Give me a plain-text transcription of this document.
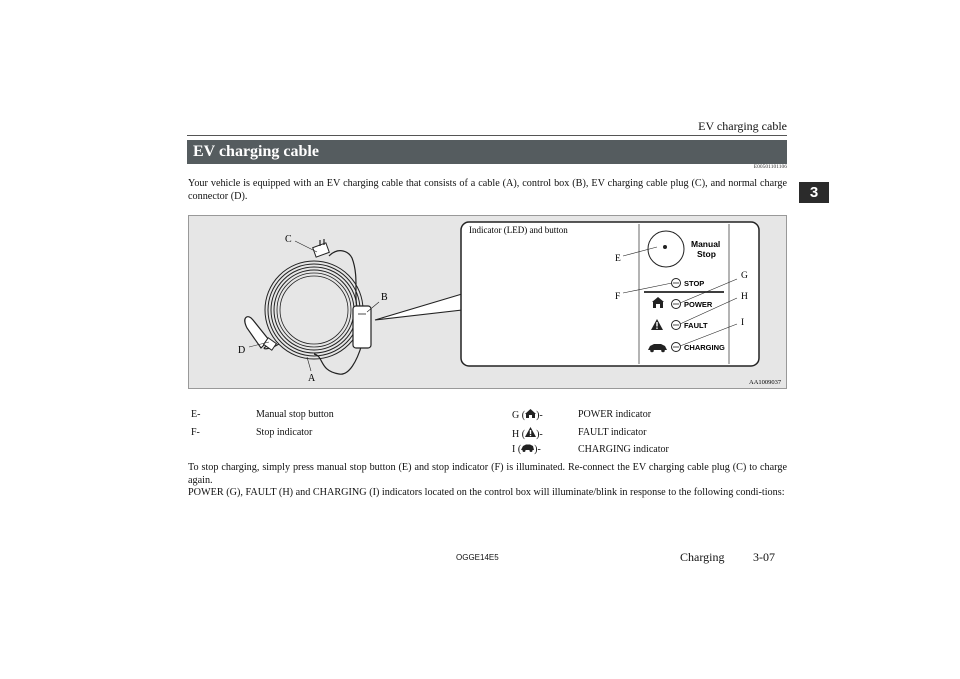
EV charging cable
3
EV charging cable
E00501101106
Your vehicle is equipped with an EV charging cable that consists of a cable (A), control box (B), EV charging cable plug (C), and normal charge connector (D).
C
B
D
A
Indicator (LED) and button
Manual
Stop
STOP
POWER
FAULT
CHARGING
E
F
G
H
I
AA1009037
E-	Manual stop button
F-	Stop indicator
G ( )-	POWER indicator
H ( )-	FAULT indicator
I ( )-	CHARGING indicator
To stop charging, simply press manual stop button (E) and stop indicator (F) is illuminated. Re-connect the EV charging cable plug (C) to charge again.
POWER (G), FAULT (H) and CHARGING (I) indicators located on the control box will illuminate/blink in response to the following condi-tions:
OGGE14E5	Charging 3-07
